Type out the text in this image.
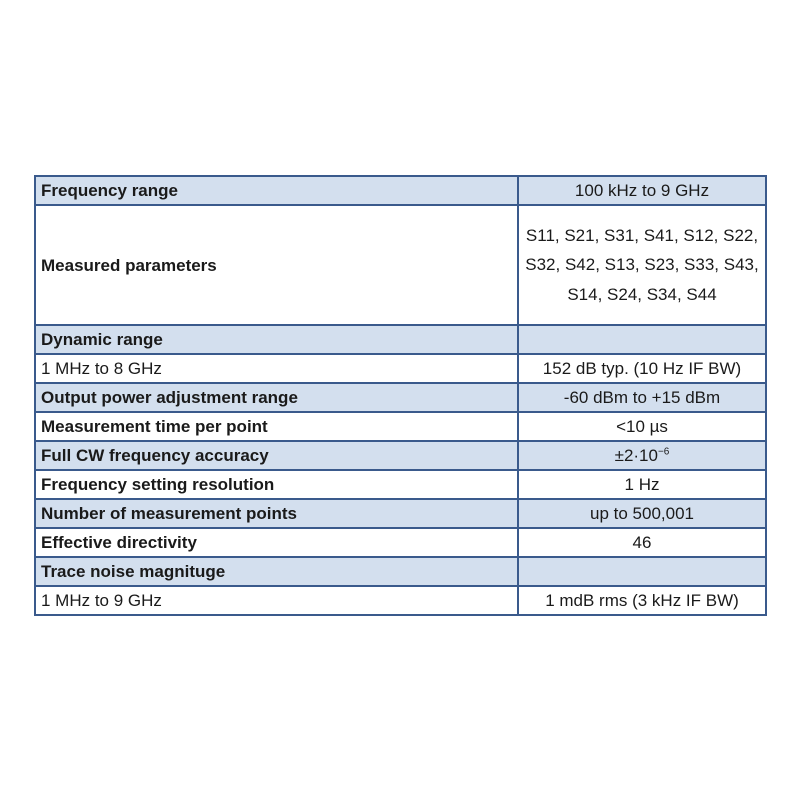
Frequency range	100 kHz to 9 GHz
Measured parameters	S11, S21, S31, S41, S12, S22, S32, S42, S13, S23, S33, S43, S14, S24, S34, S44
Dynamic range	
1 MHz to 8 GHz	152 dB typ. (10 Hz IF BW)
Output power adjustment range	-60 dBm to +15 dBm
Measurement time per point	<10 µs
Full CW frequency accuracy	$\pm 2\cdot 10^{-6}$
Frequency setting resolution	1 Hz
Number of measurement points	up to 500,001
Effective directivity	46
Trace noise magnituge	
1 MHz to 9 GHz	1 mdB rms (3 kHz IF BW)
